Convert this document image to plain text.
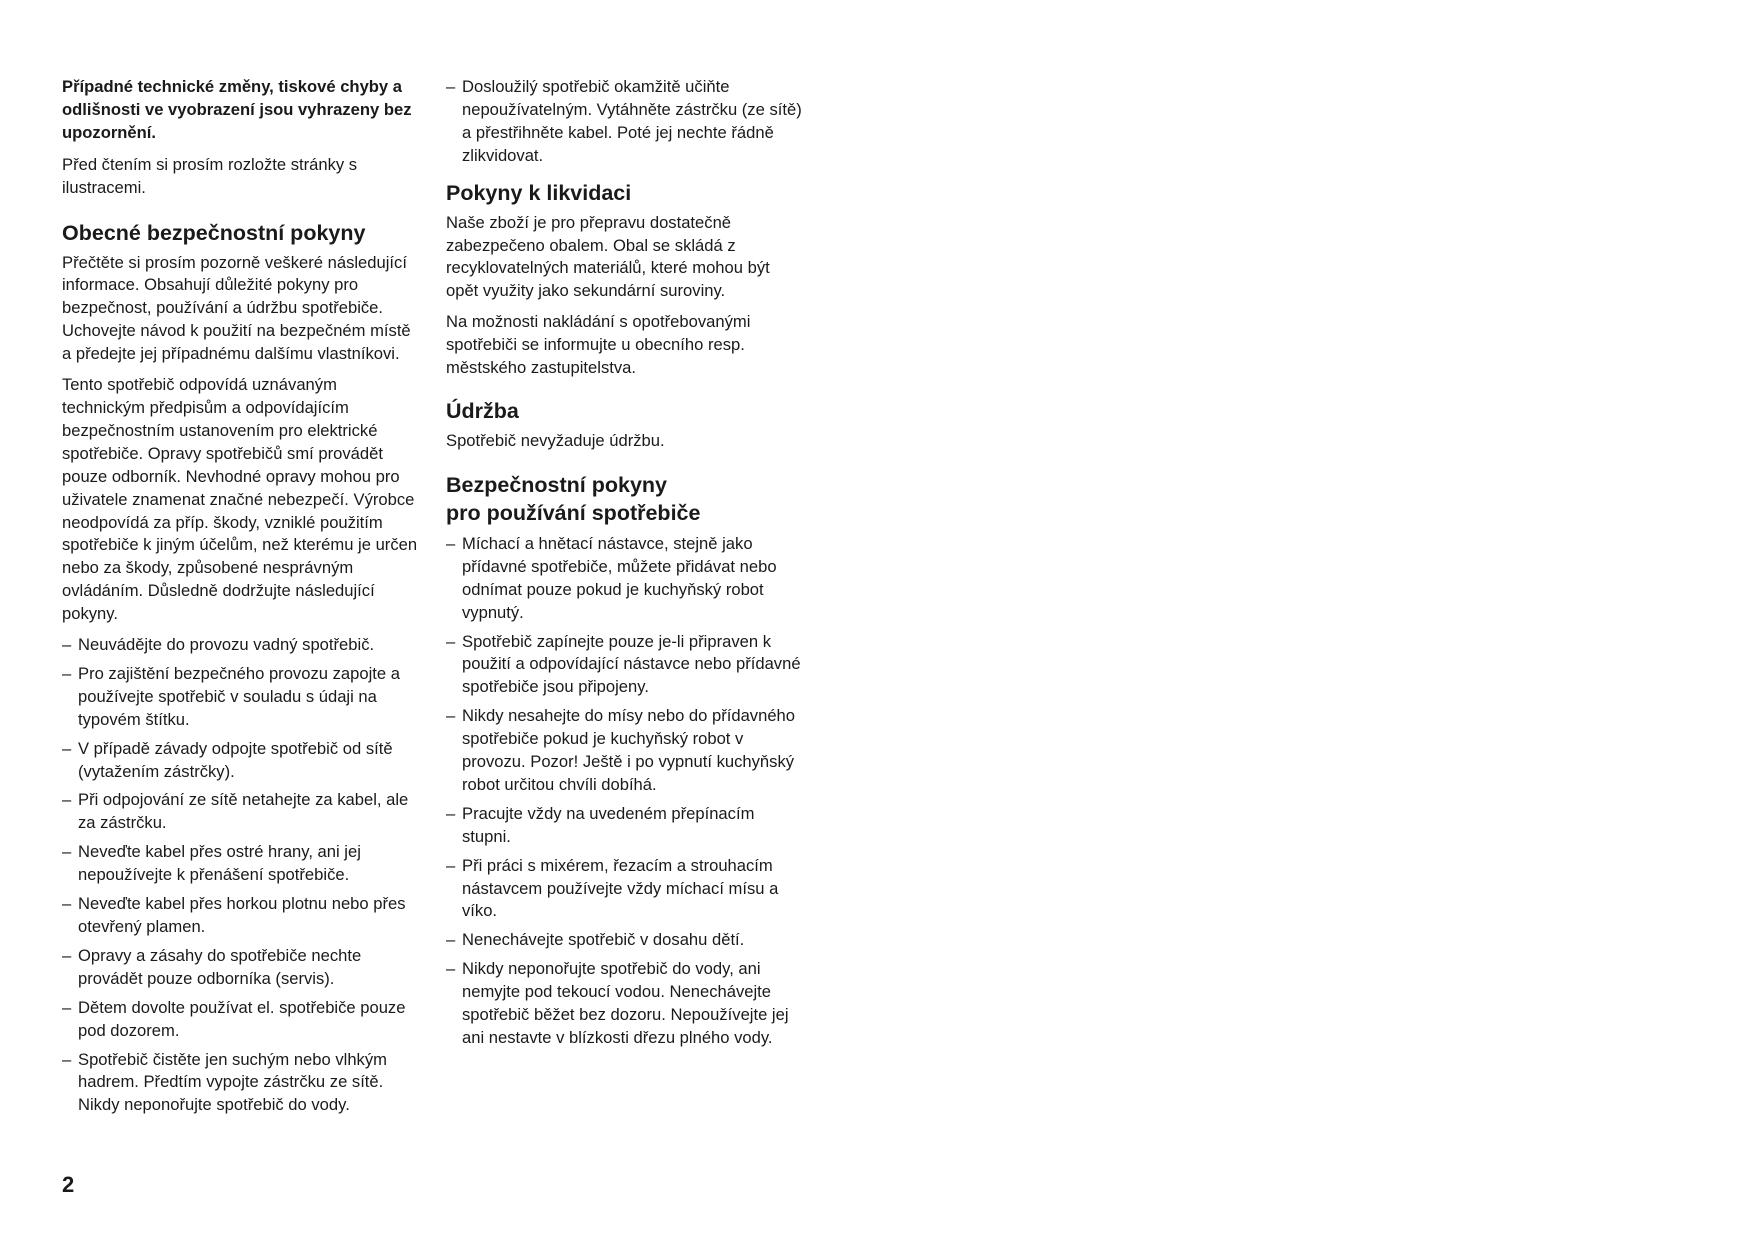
Případné technické změny, tiskové chyby a odlišnosti ve vyobrazení jsou vyhrazeny bez upozornění.

Před čtením si prosím rozložte stránky s ilustracemi.

Obecné bezpečnostní pokyny

Přečtěte si prosím pozorně veškeré následující informace. Obsahují důležité pokyny pro bezpečnost, používání a údržbu spotřebiče. Uchovejte návod k použití na bezpečném místě a předejte jej případnému dalšímu vlastníkovi.

Tento spotřebič odpovídá uznávaným technickým předpisům a odpovídajícím bezpečnostním ustanovením pro elektrické spotřebiče. Opravy spotřebičů smí provádět pouze odborník. Nevhodné opravy mohou pro uživatele znamenat značné nebezpečí. Výrobce neodpovídá za příp. škody, vzniklé použitím spotřebiče k jiným účelům, než kterému je určen nebo za škody, způsobené nesprávným ovládáním. Důsledně dodržujte následující pokyny.

– Neuvádějte do provozu vadný spotřebič.
– Pro zajištění bezpečného provozu zapojte a používejte spotřebič v souladu s údaji na typovém štítku.
– V případě závady odpojte spotřebič od sítě (vytažením zástrčky).
– Při odpojování ze sítě netahejte za kabel, ale za zástrčku.
– Neveďte kabel přes ostré hrany, ani jej nepoužívejte k přenášení spotřebiče.
– Neveďte kabel přes horkou plotnu nebo přes otevřený plamen.
– Opravy a zásahy do spotřebiče nechte provádět pouze odborníka (servis).
– Dětem dovolte používat el. spotřebiče pouze pod dozorem.
– Spotřebič čistěte jen suchým nebo vlhkým hadrem. Předtím vypojte zástrčku ze sítě. Nikdy neponořujte spotřebič do vody.
– Dosloužilý spotřebič okamžitě učiňte nepoužívatelným. Vytáhněte zástrčku (ze sítě) a přestřihněte kabel. Poté jej nechte řádně zlikvidovat.
Pokyny k likvidaci

Naše zboží je pro přepravu dostatečně zabezpečeno obalem. Obal se skládá z recyklovatelných materiálů, které mohou být opět využity jako sekundární suroviny.

Na možnosti nakládání s opotřebovanými spotřebiči se informujte u obecního resp. městského zastupitelstva.

Údržba

Spotřebič nevyžaduje údržbu.

Bezpečnostní pokyny
pro používání spotřebiče
– Míchací a hnětací nástavce, stejně jako přídavné spotřebiče, můžete přidávat nebo odnímat pouze pokud je kuchyňský robot vypnutý.
– Spotřebič zapínejte pouze je-li připraven k použití a odpovídající nástavce nebo přídavné spotřebiče jsou připojeny.
– Nikdy nesahejte do mísy nebo do přídavného spotřebiče pokud je kuchyňský robot v provozu. Pozor! Ještě i po vypnutí kuchyňský robot určitou chvíli dobíhá.
– Pracujte vždy na uvedeném přepínacím stupni.
– Při práci s mixérem, řezacím a strouhacím nástavcem používejte vždy míchací mísu a víko.
– Nenechávejte spotřebič v dosahu dětí.
– Nikdy neponořujte spotřebič do vody, ani nemyjte pod tekoucí vodou. Nenechávejte spotřebič běžet bez dozoru. Nepoužívejte jej ani nestavte v blízkosti dřezu plného vody.
2
